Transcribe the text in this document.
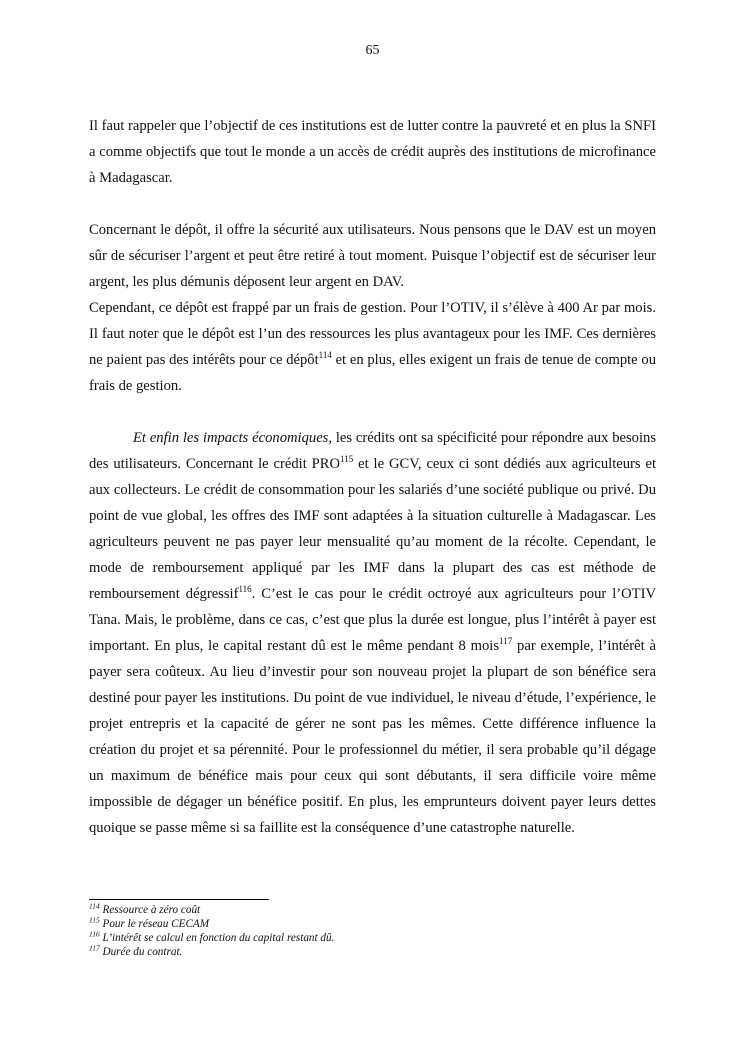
65

Il faut rappeler que l’objectif de ces institutions est de lutter contre la pauvreté et en plus la SNFI a comme objectifs que tout le monde a un accès de crédit auprès des institutions de microfinance à Madagascar.

Concernant le dépôt, il offre la sécurité aux utilisateurs. Nous pensons que le DAV est un moyen sûr de sécuriser l’argent et peut être retiré à tout moment. Puisque l’objectif est de sécuriser leur argent, les plus démunis déposent leur argent en DAV.

Cependant, ce dépôt est frappé par un frais de gestion. Pour l’OTIV, il s’élève à 400 Ar par mois. Il faut noter que le dépôt est l’un des ressources les plus avantageux pour les IMF. Ces dernières ne paient pas des intérêts pour ce dépôt$^{114}$ et en plus, elles exigent un frais de tenue de compte ou frais de gestion.

Et enfin les impacts économiques, les crédits ont sa spécificité pour répondre aux besoins des utilisateurs. Concernant le crédit PRO$^{115}$ et le GCV, ceux ci sont dédiés aux agriculteurs et aux collecteurs. Le crédit de consommation pour les salariés d’une société publique ou privé. Du point de vue global, les offres des IMF sont adaptées à la situation culturelle à Madagascar. Les agriculteurs peuvent ne pas payer leur mensualité qu’au moment de la récolte. Cependant, le mode de remboursement appliqué par les IMF dans la plupart des cas est méthode de remboursement dégressif$^{116}$. C’est le cas pour le crédit octroyé aux agriculteurs pour l’OTIV Tana. Mais, le problème, dans ce cas, c’est que plus la durée est longue, plus l’intérêt à payer est important. En plus, le capital restant dû est le même pendant 8 mois$^{117}$ par exemple, l’intérêt à payer sera coûteux. Au lieu d’investir pour son nouveau projet la plupart de son bénéfice sera destiné pour payer les institutions. Du point de vue individuel, le niveau d’étude, l’expérience, le projet entrepris et la capacité de gérer ne sont pas les mêmes. Cette différence influence la création du projet et sa pérennité. Pour le professionnel du métier, il sera probable qu’il dégage un maximum de bénéfice mais pour ceux qui sont débutants, il sera difficile voire même impossible de dégager un bénéfice positif. En plus, les emprunteurs doivent payer leurs dettes quoique se passe même si sa faillite est la conséquence d’une catastrophe naturelle.

$^{114}$ Ressource à zéro coût
$^{115}$ Pour le réseau CECAM
$^{116}$ L’intérêt se calcul en fonction du capital restant dû.
$^{117}$ Durée du contrat.
